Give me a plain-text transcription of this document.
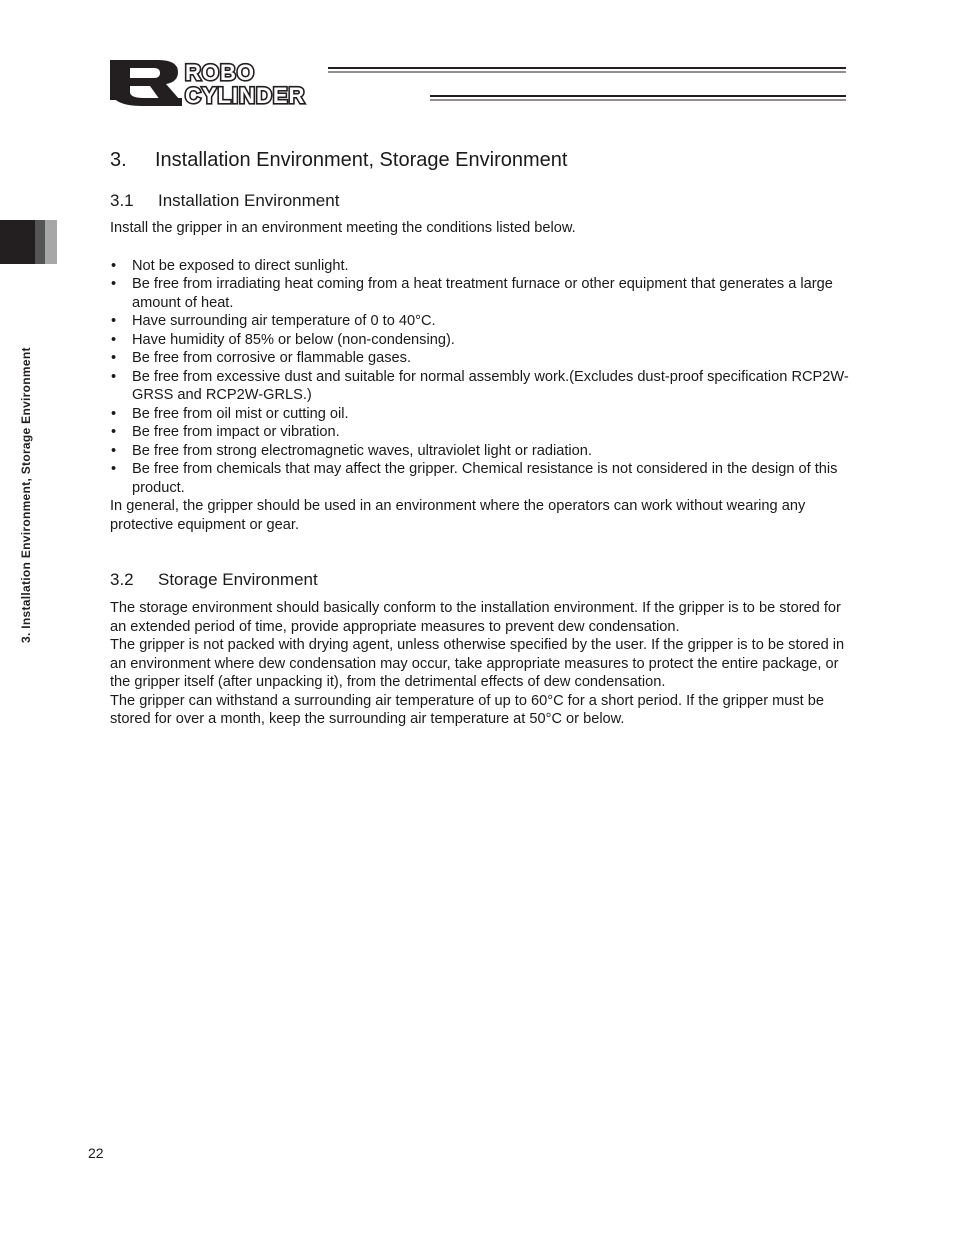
ROBO
CYLINDER
3. Installation Environment, Storage Environment
3. Installation Environment, Storage Environment
3.1 Installation Environment

Install the gripper in an environment meeting the conditions listed below.

• Not be exposed to direct sunlight.
• Be free from irradiating heat coming from a heat treatment furnace or other equipment that generates a large amount of heat.
• Have surrounding air temperature of 0 to 40°C.
• Have humidity of 85% or below (non-condensing).
• Be free from corrosive or flammable gases.
• Be free from excessive dust and suitable for normal assembly work.(Excludes dust-proof specification RCP2W-GRSS and RCP2W-GRLS.)
• Be free from oil mist or cutting oil.
• Be free from impact or vibration.
• Be free from strong electromagnetic waves, ultraviolet light or radiation.
• Be free from chemicals that may affect the gripper. Chemical resistance is not considered in the design of this product.

In general, the gripper should be used in an environment where the operators can work without wearing any protective equipment or gear.

3.2 Storage Environment

The storage environment should basically conform to the installation environment. If the gripper is to be stored for an extended period of time, provide appropriate measures to prevent dew condensation.

The gripper is not packed with drying agent, unless otherwise specified by the user. If the gripper is to be stored in an environment where dew condensation may occur, take appropriate measures to protect the entire package, or the gripper itself (after unpacking it), from the detrimental effects of dew condensation.

The gripper can withstand a surrounding air temperature of up to 60°C for a short period. If the gripper must be stored for over a month, keep the surrounding air temperature at 50°C or below.

22
